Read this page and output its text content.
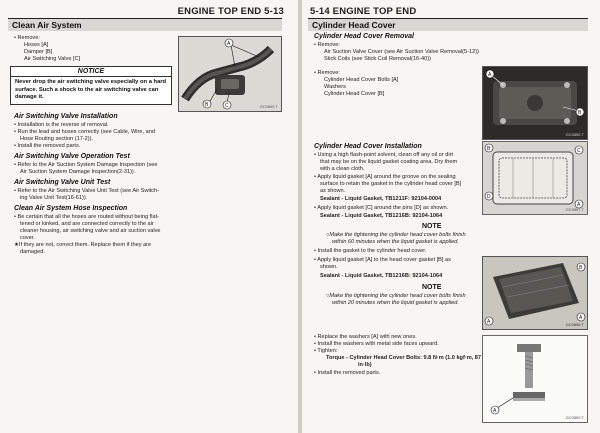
ENGINE TOP END 5-13
Clean Air System
• Remove:
Hoses [A]
Damper [B]
Air Switching Valve [C]
NOTICE
Never drop the air switching valve especially on a hard surface. Such a shock to the air switching valve can damage it.
A
B	C	GC0855 T
Air Switching Valve Installation
• Installation is the reverse of removal.
• Run the lead and hoses correctly (see Cable, Wire, and
Hose Routing section (17-2)).
• Install the removed parts.
Air Switching Valve Operation Test
• Refer to the Air Suction System Damage Inspection (see
Air Suction System Damage Inspection(2-31)).
Air Switching Valve Unit Test
• Refer to the Air Switching Valve Unit Test (see Air Switch-
ing Valve Unit Test(16-61)).
Clean Air System Hose Inspection
• Be certain that all the hoses are routed without being flat-
tened or kinked, and are connected correctly to the air
cleaner housing, air switching valve and air suction valve
cover.
★If they are not, correct them. Replace them if they are
damaged.
5-14 ENGINE TOP END
Cylinder Head Cover
Cylinder Head Cover Removal
• Remove:
Air Suction Valve Cover (see Air Suction Valve Removal(5-12))
Stick Coils (see Stick Coil Removal(16-40))
• Remove:
Cylinder Head Cover Bolts [A]
Washers
Cylinder Head Cover [B]
A
B
GC0856 T
Cylinder Head Cover Installation
• Using a high flash-point solvent, clean off any oil or dirt
that may be on the liquid gasket coating area. Dry them
with a clean cloth.
• Apply liquid gasket [A] around the groove on the sealing
surface to retain the gasket in the cylinder head cover [B]
as shown.
Sealant - Liquid Gasket, TB1211F: 92104-0004
• Apply liquid gasket [C] around the pins [D] as shown.
Sealant - Liquid Gasket, TB1216B: 92104-1064
NOTE
○Make the tightening the cylinder head cover bolts finish
within 60 minutes when the liquid gasket is applied.
• Install the gasket to the cylinder head cover.
• Apply liquid gasket [A] to the head cover gasket [B] as
shown.
Sealant - Liquid Gasket, TB1216B: 92104-1064
NOTE
○Make the tightening the cylinder head cover bolts finish
within 20 minutes when the liquid gasket is applied.
• Replace the washers [A] with new ones.
• Install the washers with metal side faces upward.
• Tighten:
Torque - Cylinder Head Cover Bolts: 9.8 N·m (1.0 kgf·m, 87
in·lb)
• Install the removed parts.
B	C
D
A
GC0857 T
A
B
A
GC0858 T
A
GC0859 T
